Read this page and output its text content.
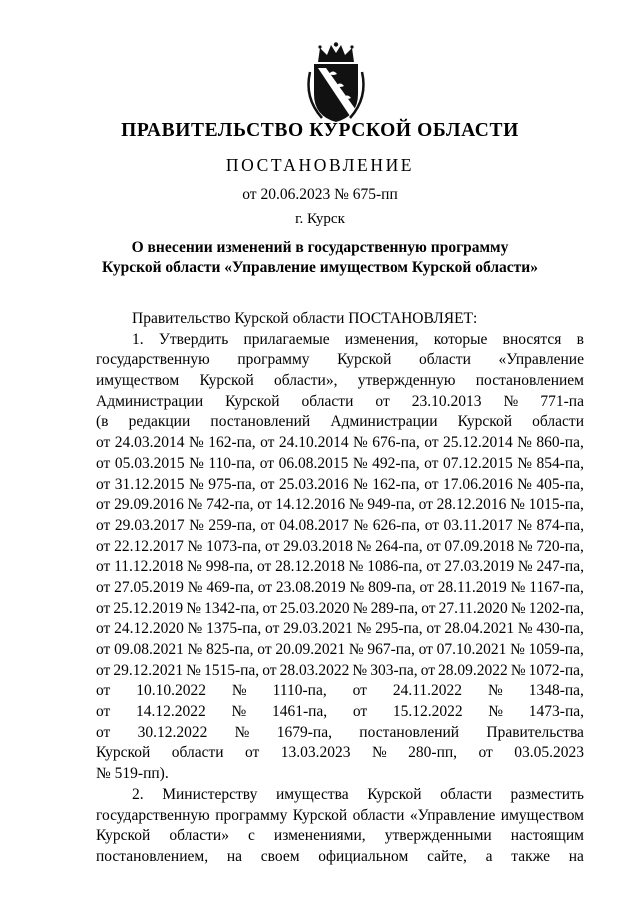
ПРАВИТЕЛЬСТВО КУРСКОЙ ОБЛАСТИ
ПОСТАНОВЛЕНИЕ
от 20.06.2023 № 675-пп
г. Курск
О внесении изменений в государственную программу
Курской области «Управление имуществом Курской области»
Правительство Курской области ПОСТАНОВЛЯЕТ:
1. Утвердить прилагаемые изменения, которые вносятся в
государственную программу Курской области «Управление
имуществом Курской области», утвержденную постановлением
Администрации Курской области от 23.10.2013 № 771-па
(в редакции постановлений Администрации Курской области
от 24.03.2014 № 162-па, от 24.10.2014 № 676-па, от 25.12.2014 № 860-па,
от 05.03.2015 № 110-па, от 06.08.2015 № 492-па, от 07.12.2015 № 854-па,
от 31.12.2015 № 975-па, от 25.03.2016 № 162-па, от 17.06.2016 № 405-па,
от 29.09.2016 № 742-па, от 14.12.2016 № 949-па, от 28.12.2016 № 1015-па,
от 29.03.2017 № 259-па, от 04.08.2017 № 626-па, от 03.11.2017 № 874-па,
от 22.12.2017 № 1073-па, от 29.03.2018 № 264-па, от 07.09.2018 № 720-па,
от 11.12.2018 № 998-па, от 28.12.2018 № 1086-па, от 27.03.2019 № 247-па,
от 27.05.2019 № 469-па, от 23.08.2019 № 809-па, от 28.11.2019 № 1167-па,
от 25.12.2019 № 1342-па, от 25.03.2020 № 289-па, от 27.11.2020 № 1202-па,
от 24.12.2020 № 1375-па, от 29.03.2021 № 295-па, от 28.04.2021 № 430-па,
от 09.08.2021 № 825-па, от 20.09.2021 № 967-па, от 07.10.2021 № 1059-па,
от 29.12.2021 № 1515-па, от 28.03.2022 № 303-па, от 28.09.2022 № 1072-па,
от 10.10.2022 № 1110-па, от 24.11.2022 № 1348-па,
от 14.12.2022 № 1461-па, от 15.12.2022 № 1473-па,
от 30.12.2022 № 1679-па, постановлений Правительства
Курской области от 13.03.2023 № 280-пп, от 03.05.2023
№ 519-пп).
2. Министерству имущества Курской области разместить
государственную программу Курской области «Управление имуществом
Курской области» с изменениями, утвержденными настоящим
постановлением, на своем официальном сайте, а также на
